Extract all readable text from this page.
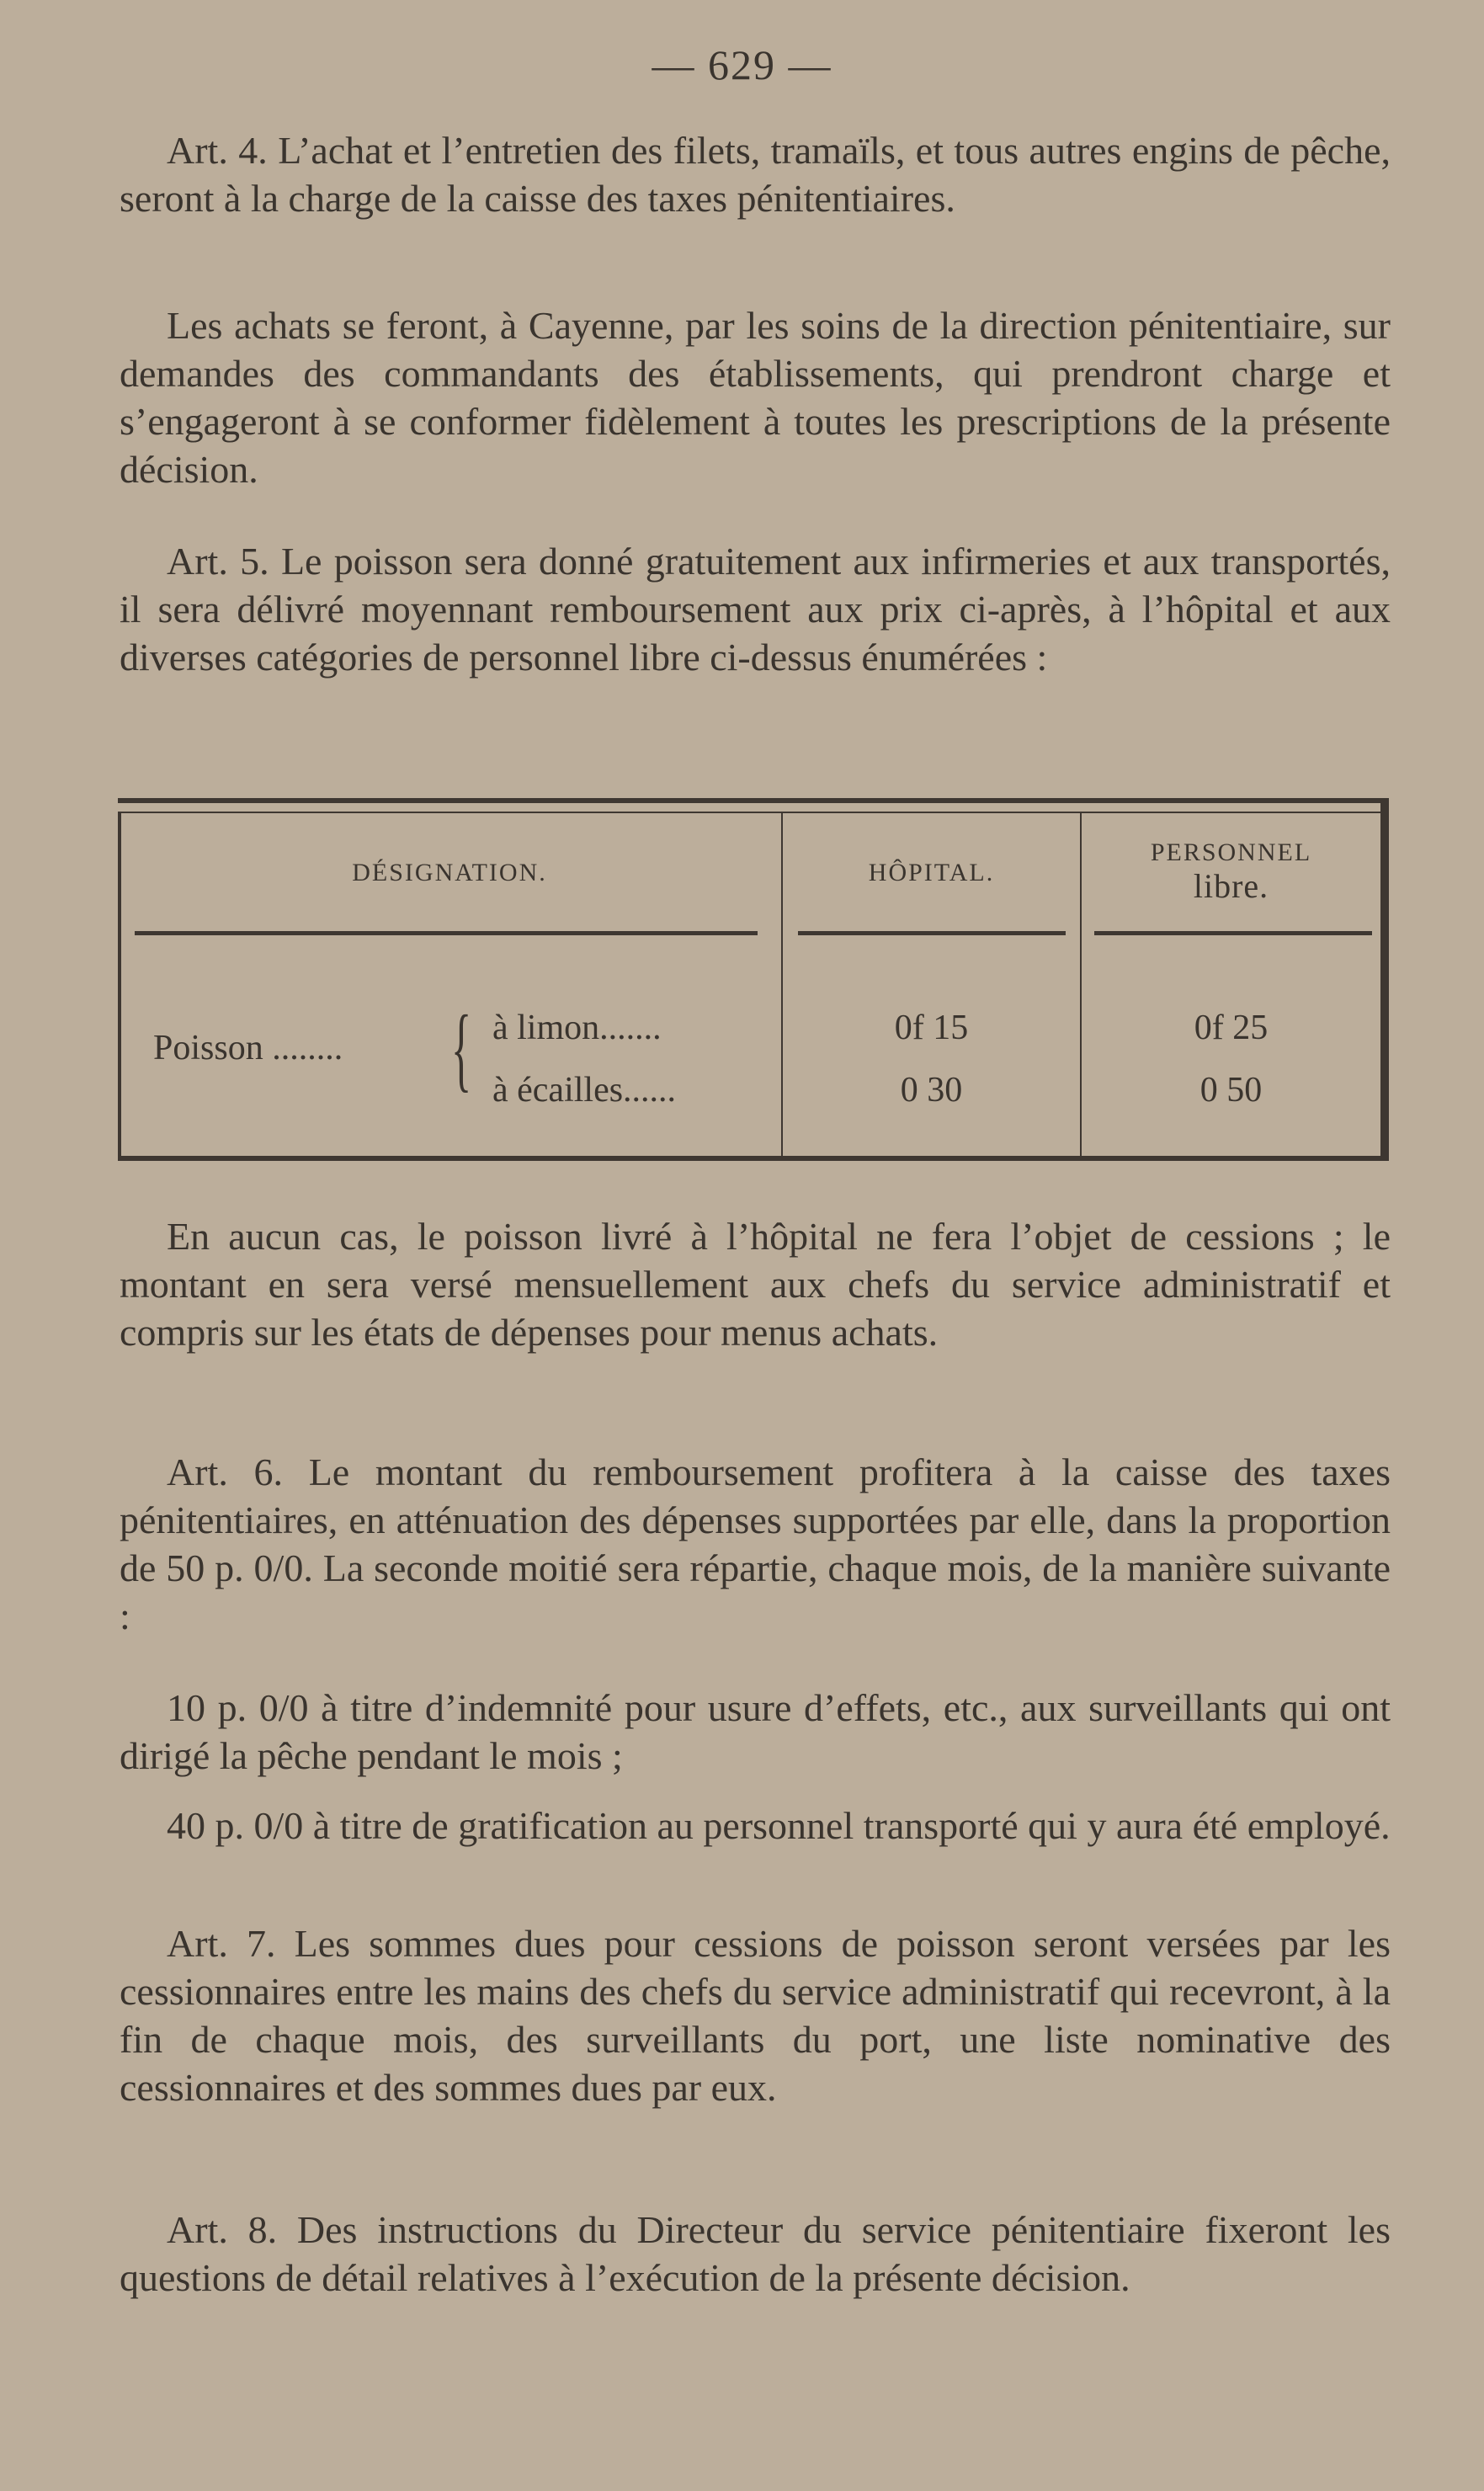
— 629 —

Art. 4. L’achat et l’entretien des filets, tramaïls, et tous autres engins de pêche, seront à la charge de la caisse des taxes pénitentiaires.

Les achats se feront, à Cayenne, par les soins de la direction pénitentiaire, sur demandes des commandants des établissements, qui prendront charge et s’engageront à se conformer fidèlement à toutes les prescriptions de la présente décision.

Art. 5. Le poisson sera donné gratuitement aux infirmeries et aux transportés, il sera délivré moyennant remboursement aux prix ci-après, à l’hôpital et aux diverses catégories de personnel libre ci-dessus énumérées :

DÉSIGNATION.	HÔPITAL.
PERSONNEL
libre.
Poisson ........ { à limon.......
à écailles......
0f 15
0 30
0f 25
0 50

En aucun cas, le poisson livré à l’hôpital ne fera l’objet de cessions ; le montant en sera versé mensuellement aux chefs du service administratif et compris sur les états de dépenses pour menus achats.

Art. 6. Le montant du remboursement profitera à la caisse des taxes pénitentiaires, en atténuation des dépenses supportées par elle, dans la proportion de 50 p. 0/0. La seconde moitié sera répartie, chaque mois, de la manière suivante :

10 p. 0/0 à titre d’indemnité pour usure d’effets, etc., aux surveillants qui ont dirigé la pêche pendant le mois ;

40 p. 0/0 à titre de gratification au personnel transporté qui y aura été employé.

Art. 7. Les sommes dues pour cessions de poisson seront versées par les cessionnaires entre les mains des chefs du service administratif qui recevront, à la fin de chaque mois, des surveillants du port, une liste nominative des cessionnaires et des sommes dues par eux.

Art. 8. Des instructions du Directeur du service pénitentiaire fixeront les questions de détail relatives à l’exécution de la présente décision.
